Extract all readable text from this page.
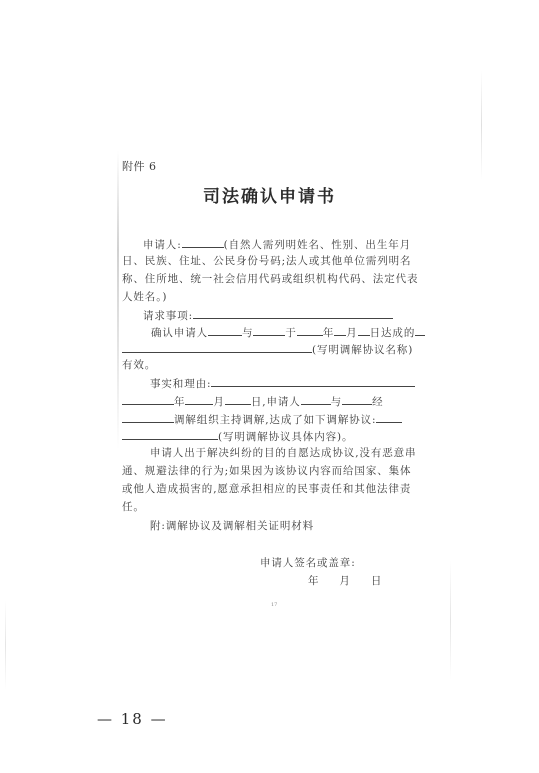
附件 6
司法确认申请书
申请人:	(自然人需列明姓名、性别、出生年月
日、民族、住址、公民身份号码;法人或其他单位需列明名
称、住所地、统一社会信用代码或组织机构代码、法定代表
人姓名。)
请求事项:
确认申请人	与	于 年 月 日达成的
(写明调解协议名称)
有效。
事实和理由:
年	月 日,申请人	与	经
调解组织主持调解,达成了如下调解协议:
(写明调解协议具体内容)。
申请人出于解决纠纷的目的自愿达成协议,没有恶意串
通、规避法律的行为;如果因为该协议内容而给国家、集体
或他人造成损害的,愿意承担相应的民事责任和其他法律责
任。
附:调解协议及调解相关证明材料
申请人签名或盖章:
年 月 日
17
— 18 —
